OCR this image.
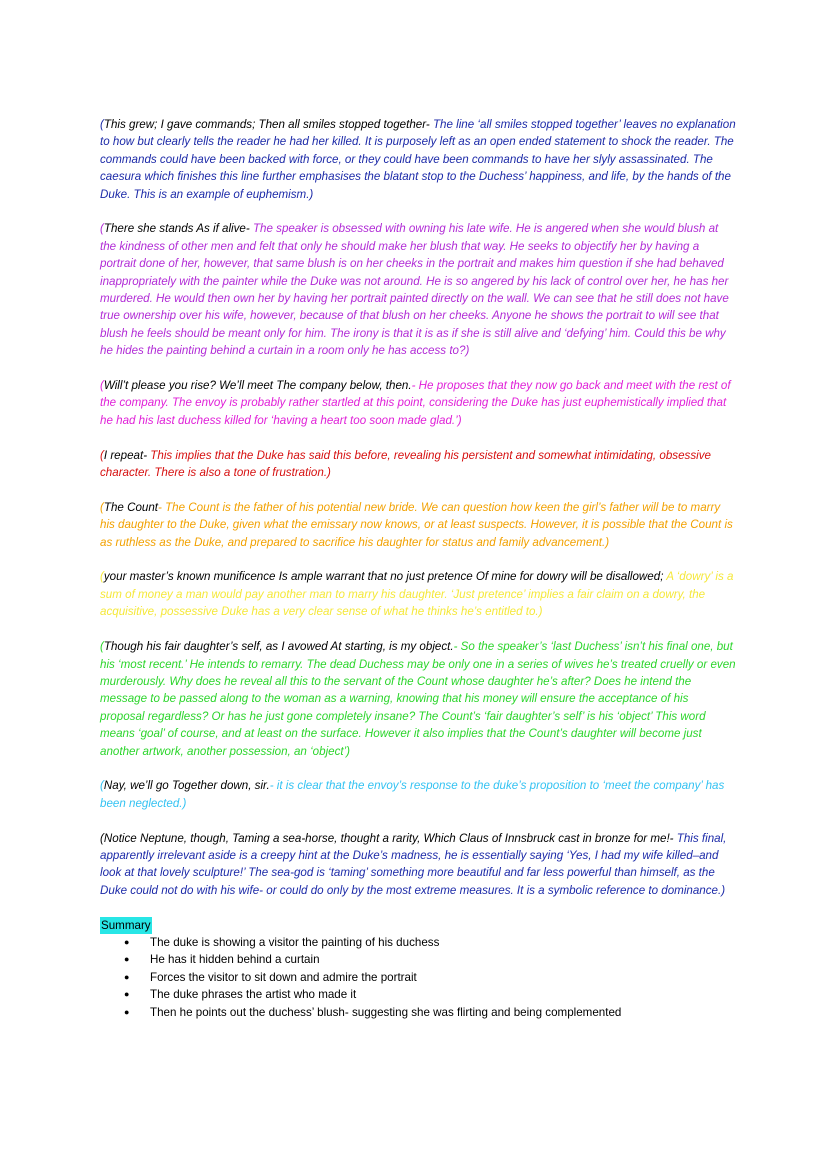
(This grew; I gave commands; Then all smiles stopped together- The line ‘all smiles stopped together’ leaves no explanation to how but clearly tells the reader he had her killed. It is purposely left as an open ended statement to shock the reader. The commands could have been backed with force, or they could have been commands to have her slyly assassinated. The caesura which finishes this line further emphasises the blatant stop to the Duchess’ happiness, and life, by the hands of the Duke. This is an example of euphemism.)

(There she stands As if alive- The speaker is obsessed with owning his late wife. He is angered when she would blush at the kindness of other men and felt that only he should make her blush that way. He seeks to objectify her by having a portrait done of her, however, that same blush is on her cheeks in the portrait and makes him question if she had behaved inappropriately with the painter while the Duke was not around. He is so angered by his lack of control over her, he has her murdered. He would then own her by having her portrait painted directly on the wall. We can see that he still does not have true ownership over his wife, however, because of that blush on her cheeks. Anyone he shows the portrait to will see that blush he feels should be meant only for him. The irony is that it is as if she is still alive and ‘defying’ him. Could this be why he hides the painting behind a curtain in a room only he has access to?)

(Will’t please you rise? We’ll meet The company below, then.- He proposes that they now go back and meet with the rest of the company. The envoy is probably rather startled at this point, considering the Duke has just euphemistically implied that he had his last duchess killed for ‘having a heart too soon made glad.’)

(I repeat- This implies that the Duke has said this before, revealing his persistent and somewhat intimidating, obsessive character. There is also a tone of frustration.)

(The Count- The Count is the father of his potential new bride. We can question how keen the girl’s father will be to marry his daughter to the Duke, given what the emissary now knows, or at least suspects. However, it is possible that the Count is as ruthless as the Duke, and prepared to sacrifice his daughter for status and family advancement.)

(your master’s known munificence Is ample warrant that no just pretence Of mine for dowry will be disallowed; A ‘dowry’ is a sum of money a man would pay another man to marry his daughter. ‘Just pretence’ implies a fair claim on a dowry, the acquisitive, possessive Duke has a very clear sense of what he thinks he’s entitled to.)

(Though his fair daughter’s self, as I avowed At starting, is my object.- So the speaker’s ‘last Duchess’ isn’t his final one, but his ‘most recent.’ He intends to remarry. The dead Duchess may be only one in a series of wives he’s treated cruelly or even murderously. Why does he reveal all this to the servant of the Count whose daughter he’s after? Does he intend the message to be passed along to the woman as a warning, knowing that his money will ensure the acceptance of his proposal regardless? Or has he just gone completely insane? The Count’s ‘fair daughter’s self’ is his ‘object’ This word means ‘goal’ of course, and at least on the surface. However it also implies that the Count’s daughter will become just another artwork, another possession, an ‘object’)

(Nay, we’ll go Together down, sir.- it is clear that the envoy’s response to the duke’s proposition to ‘meet the company’ has been neglected.)

(Notice Neptune, though, Taming a sea-horse, thought a rarity, Which Claus of Innsbruck cast in bronze for me!- This final, apparently irrelevant aside is a creepy hint at the Duke’s madness, he is essentially saying ‘Yes, I had my wife killed–and look at that lovely sculpture!’ The sea-god is ‘taming’ something more beautiful and far less powerful than himself, as the Duke could not do with his wife- or could do only by the most extreme measures. It is a symbolic reference to dominance.)

Summary
● The duke is showing a visitor the painting of his duchess
● He has it hidden behind a curtain
● Forces the visitor to sit down and admire the portrait
● The duke phrases the artist who made it
● Then he points out the duchess’ blush- suggesting she was flirting and being complemented
